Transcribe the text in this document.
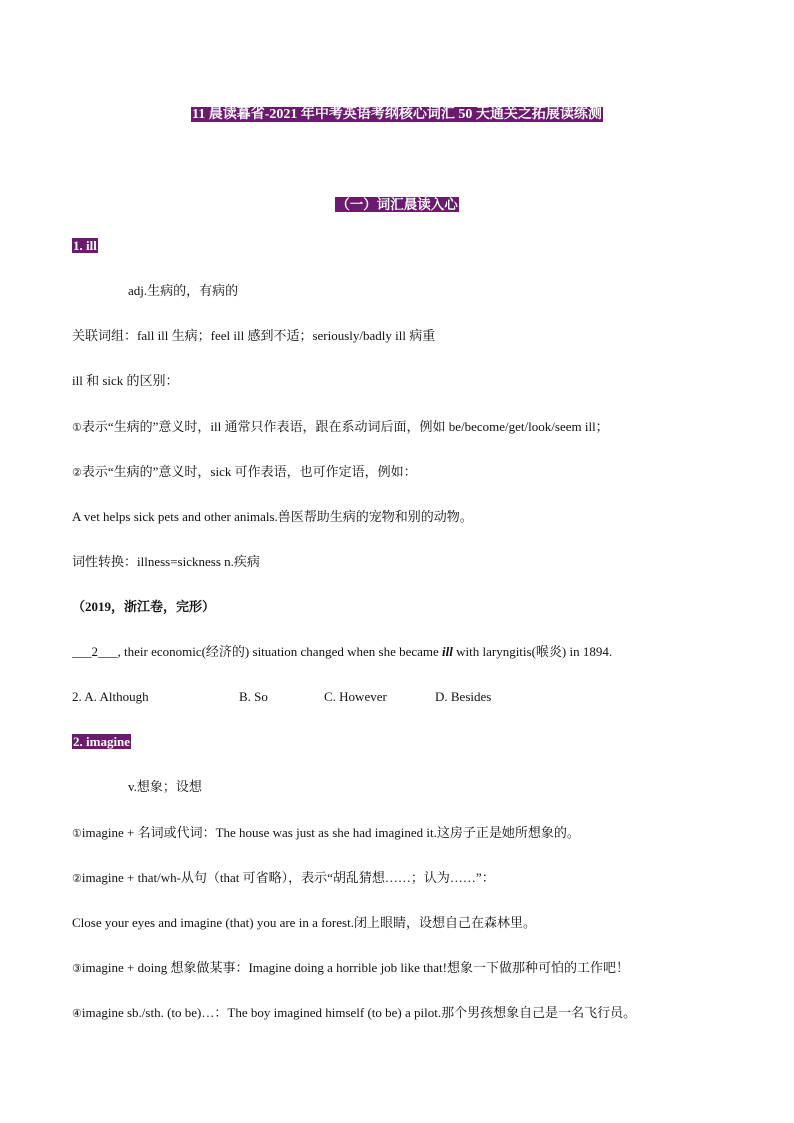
11 晨读暮省-2021 年中考英语考纲核心词汇 50 天通关之拓展读练测
（一）词汇晨读入心
1. ill
adj.生病的，有病的
关联词组：fall ill 生病；feel ill 感到不适；seriously/badly ill 病重
ill 和 sick 的区别：
①表示“生病的”意义时，ill 通常只作表语，跟在系动词后面，例如 be/become/get/look/seem ill；
②表示“生病的”意义时，sick 可作表语，也可作定语，例如：
A vet helps sick pets and other animals.兽医帮助生病的宠物和别的动物。
词性转换：illness=sickness n.疾病
（2019，浙江卷，完形）
___2___, their economic(经济的) situation changed when she became ill with laryngitis(喉炎) in 1894.
2. A. Although	B. So	C. However	D. Besides
2. imagine
v.想象；设想
①imagine + 名词或代词：The house was just as she had imagined it.这房子正是她所想象的。
②imagine + that/wh-从句（that 可省略），表示“胡乱猜想……；认为……”：
Close your eyes and imagine (that) you are in a forest.闭上眼睛，设想自己在森林里。
③imagine + doing 想象做某事：Imagine doing a horrible job like that!想象一下做那种可怕的工作吧！
④imagine sb./sth. (to be)…：The boy imagined himself (to be) a pilot.那个男孩想象自己是一名飞行员。
